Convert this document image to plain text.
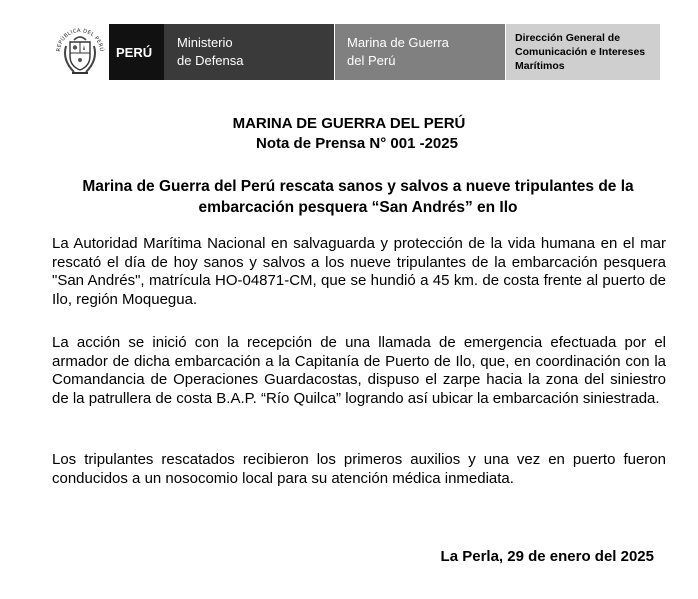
REPÚBLICA DEL PERÚ PERÚ
Ministerio
de Defensa
Marina de Guerra
del Perú
Dirección General de
Comunicación e Intereses
Marítimos
MARINA DE GUERRA DEL PERÚ
Nota de Prensa N° 001 -2025
Marina de Guerra del Perú rescata sanos y salvos a nueve tripulantes de la embarcación pesquera “San Andrés” en Ilo
La Autoridad Marítima Nacional en salvaguarda y protección de la vida humana en el mar rescató el día de hoy sanos y salvos a los nueve tripulantes de la embarcación pesquera "San Andrés", matrícula HO-04871-CM, que se hundió a 45 km. de costa frente al puerto de Ilo, región Moquegua.
La acción se inició con la recepción de una llamada de emergencia efectuada por el armador de dicha embarcación a la Capitanía de Puerto de Ilo, que, en coordinación con la Comandancia de Operaciones Guardacostas, dispuso el zarpe hacia la zona del siniestro de la patrullera de costa B.A.P. “Río Quilca” logrando así ubicar la embarcación siniestrada.
Los tripulantes rescatados recibieron los primeros auxilios y una vez en puerto fueron conducidos a un nosocomio local para su atención médica inmediata.
La Perla, 29 de enero del 2025
